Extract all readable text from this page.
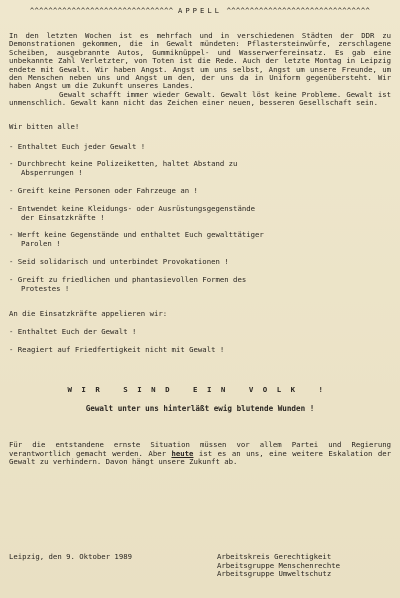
^^^^^^^^^^^^^^^^^^^^^^^^^^^^^^^ APPELL ^^^^^^^^^^^^^^^^^^^^^^^^^^^^^^^

In den letzten Wochen ist es mehrfach und in verschiedenen Städten der DDR zu Demonstrationen gekommen, die in Gewalt mündeten: Pflastersteinwürfe, zerschlagene Scheiben, ausgebrannte Autos, Gummiknüppel- und Wasserwerfereinsatz. Es gab eine unbekannte Zahl Verletzter, von Toten ist die Rede. Auch der letzte Montag in Leipzig endete mit Gewalt. Wir haben Angst. Angst um uns selbst, Angst um unsere Freunde, um den Menschen neben uns und Angst um den, der uns da in Uniform gegenübersteht. Wir haben Angst um die Zukunft unseres Landes.
Gewalt schafft immer wieder Gewalt. Gewalt löst keine Probleme. Gewalt ist unmenschlich. Gewalt kann nicht das Zeichen einer neuen, besseren Gesellschaft sein.

Wir bitten alle!
- Enthaltet Euch jeder Gewalt !
- Durchbrecht keine Polizeiketten, haltet Abstand zu
Absperrungen !
- Greift keine Personen oder Fahrzeuge an !
- Entwendet keine Kleidungs- oder Ausrüstungsgegenstände
der Einsatzkräfte !
- Werft keine Gegenstände und enthaltet Euch gewalttätiger
Parolen !
- Seid solidarisch und unterbindet Provokationen !
- Greift zu friedlichen und phantasievollen Formen des
Protestes !
An die Einsatzkräfte appelieren wir:
- Enthaltet Euch der Gewalt !
- Reagiert auf Friedfertigkeit nicht mit Gewalt !
WIR SIND EIN VOLK !
Gewalt unter uns hinterläßt ewig blutende Wunden !
Für die entstandene ernste Situation müssen vor allem Partei und Regierung verantwortlich gemacht werden. Aber heute ist es an uns, eine weitere Eskalation der Gewalt zu verhindern. Davon hängt unsere Zukunft ab.
Leipzig, den 9. Oktober 1989	Arbeitskreis Gerechtigkeit
Arbeitsgruppe Menschenrechte
Arbeitsgruppe Umweltschutz
